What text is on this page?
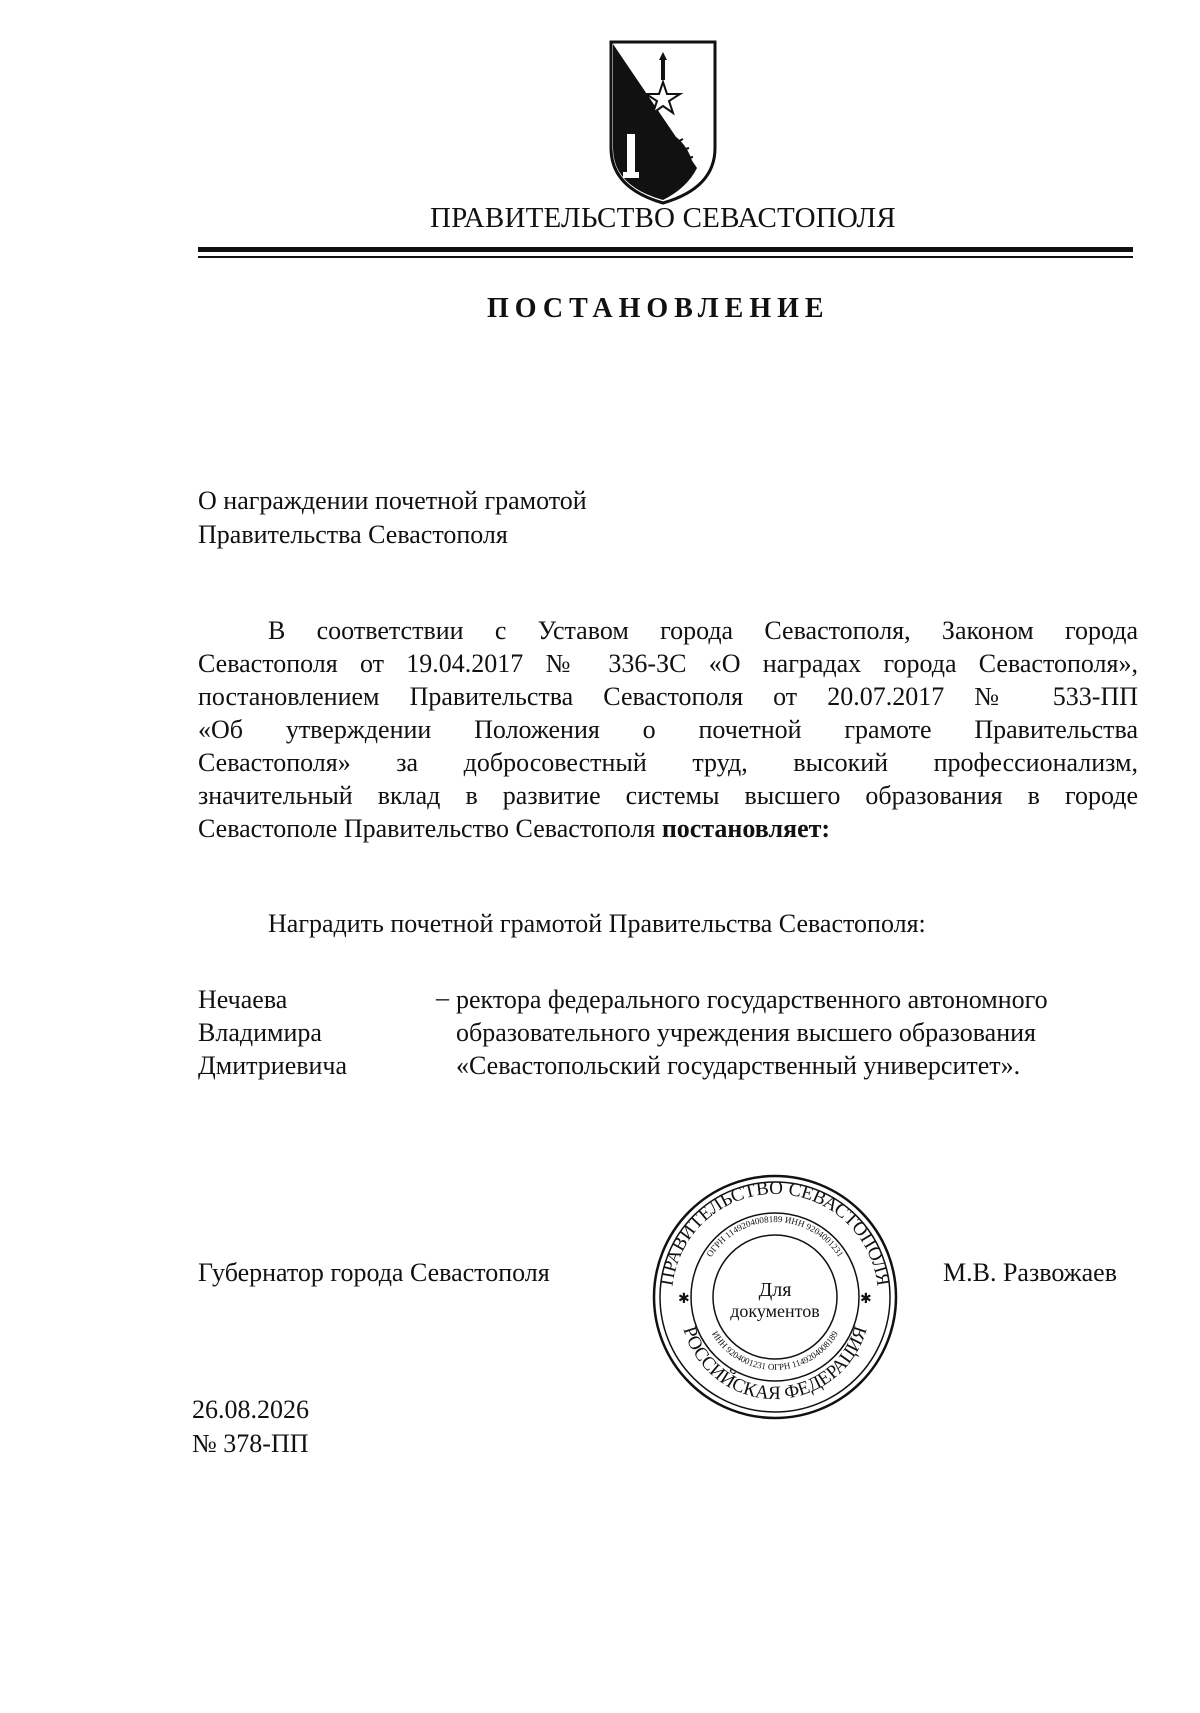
ПРАВИТЕЛЬСТВО СЕВАСТОПОЛЯ
ПОСТАНОВЛЕНИЕ
О награждении почетной грамотой
Правительства Севастополя
В соответствии с Уставом города Севастополя, Законом города
Севастополя от 19.04.2017 № 336-ЗС «О наградах города Севастополя»,
постановлением Правительства Севастополя от 20.07.2017 № 533-ПП
«Об утверждении Положения о почетной грамоте Правительства
Севастополя» за добросовестный труд, высокий профессионализм,
значительный вклад в развитие системы высшего образования в городе
Севастополе Правительство Севастополя постановляет:
Наградить почетной грамотой Правительства Севастополя:
Нечаева
Владимира
Дмитриевича
– ректора федерального государственного автономного
образовательного учреждения высшего образования
«Севастопольский государственный университет».
Губернатор города Севастополя	ПРАВИТЕЛЬСТВО СЕВАСТОПОЛЯ
РОССИЙСКАЯ ФЕДЕРАЦИЯ
ОГРН 1149204008189 ИНН 9204001231
ИНН 9204001231 ОГРН 1149204008189
✱	✱
Для
документов
М.В. Развожаев
26.08.2026
№ 378-ПП
